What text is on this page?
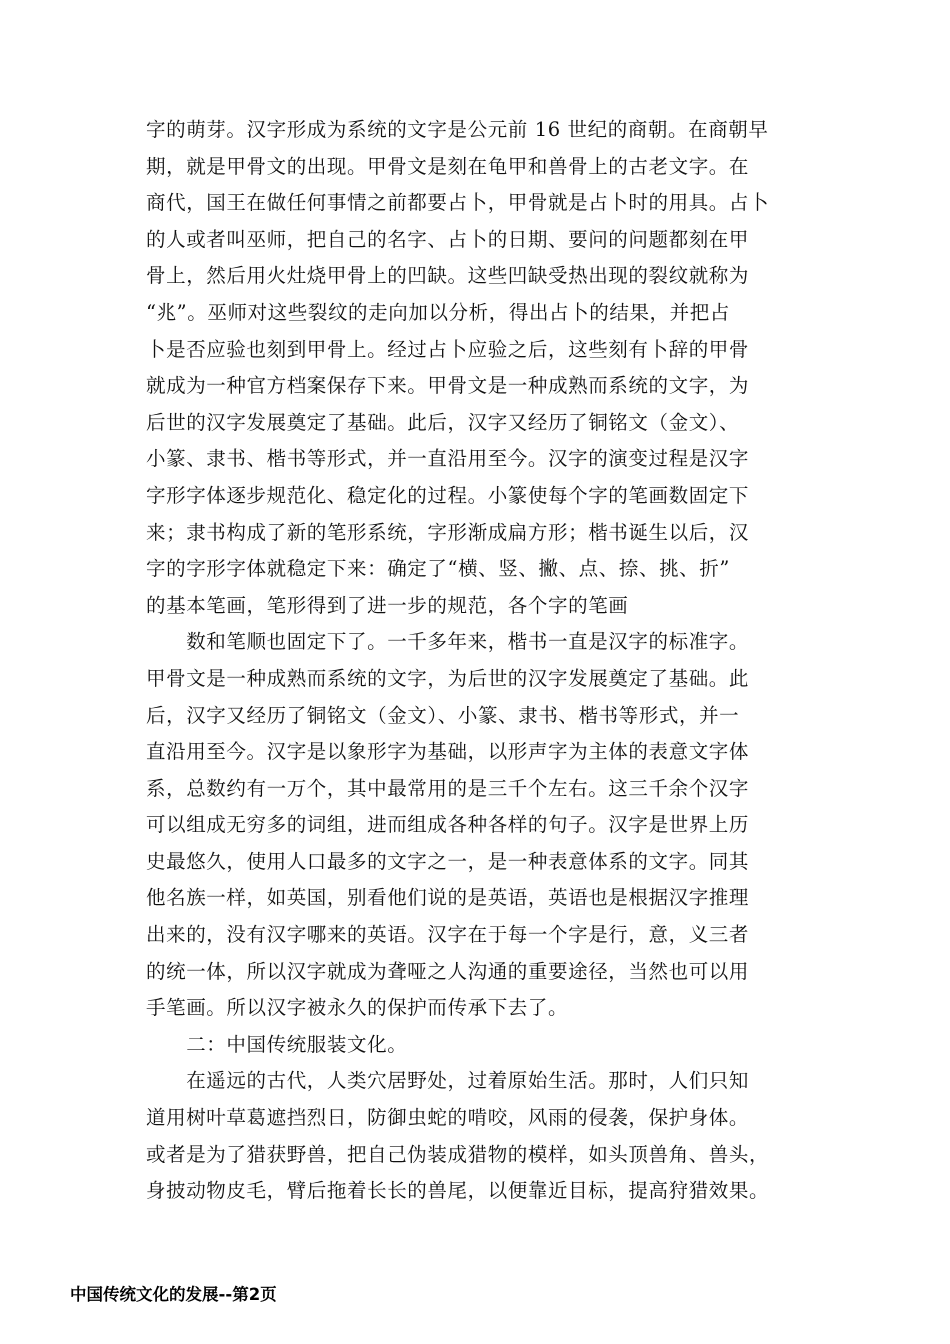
字的萌芽。汉字形成为系统的文字是公元前 16 世纪的商朝。在商朝早
期，就是甲骨文的出现。甲骨文是刻在龟甲和兽骨上的古老文字。在
商代，国王在做任何事情之前都要占卜，甲骨就是占卜时的用具。占卜
的人或者叫巫师，把自己的名字、占卜的日期、要问的问题都刻在甲
骨上，然后用火灶烧甲骨上的凹缺。这些凹缺受热出现的裂纹就称为
“兆”。巫师对这些裂纹的走向加以分析，得出占卜的结果，并把占
卜是否应验也刻到甲骨上。经过占卜应验之后，这些刻有卜辞的甲骨
就成为一种官方档案保存下来。甲骨文是一种成熟而系统的文字，为
后世的汉字发展奠定了基础。此后，汉字又经历了铜铭文（金文）、
小篆、隶书、楷书等形式，并一直沿用至今。汉字的演变过程是汉字
字形字体逐步规范化、稳定化的过程。小篆使每个字的笔画数固定下
来；隶书构成了新的笔形系统，字形渐成扁方形；楷书诞生以后，汉
字的字形字体就稳定下来：确定了“横、竖、撇、点、捺、挑、折”
的基本笔画，笔形得到了进一步的规范，各个字的笔画
　　数和笔顺也固定下了。一千多年来，楷书一直是汉字的标准字。
甲骨文是一种成熟而系统的文字，为后世的汉字发展奠定了基础。此
后，汉字又经历了铜铭文（金文）、小篆、隶书、楷书等形式，并一
直沿用至今。汉字是以象形字为基础，以形声字为主体的表意文字体
系，总数约有一万个，其中最常用的是三千个左右。这三千余个汉字
可以组成无穷多的词组，进而组成各种各样的句子。汉字是世界上历
史最悠久，使用人口最多的文字之一，是一种表意体系的文字。同其
他名族一样，如英国，别看他们说的是英语，英语也是根据汉字推理
出来的，没有汉字哪来的英语。汉字在于每一个字是行，意，义三者
的统一体，所以汉字就成为聋哑之人沟通的重要途径，当然也可以用
手笔画。所以汉字被永久的保护而传承下去了。
　　二：中国传统服装文化。
　　在遥远的古代，人类穴居野处，过着原始生活。那时，人们只知
道用树叶草葛遮挡烈日，防御虫蛇的啃咬，风雨的侵袭，保护身体。
或者是为了猎获野兽，把自己伪装成猎物的模样，如头顶兽角、兽头，
身披动物皮毛，臂后拖着长长的兽尾，以便靠近目标，提高狩猎效果。
中国传统文化的发展--第2页
